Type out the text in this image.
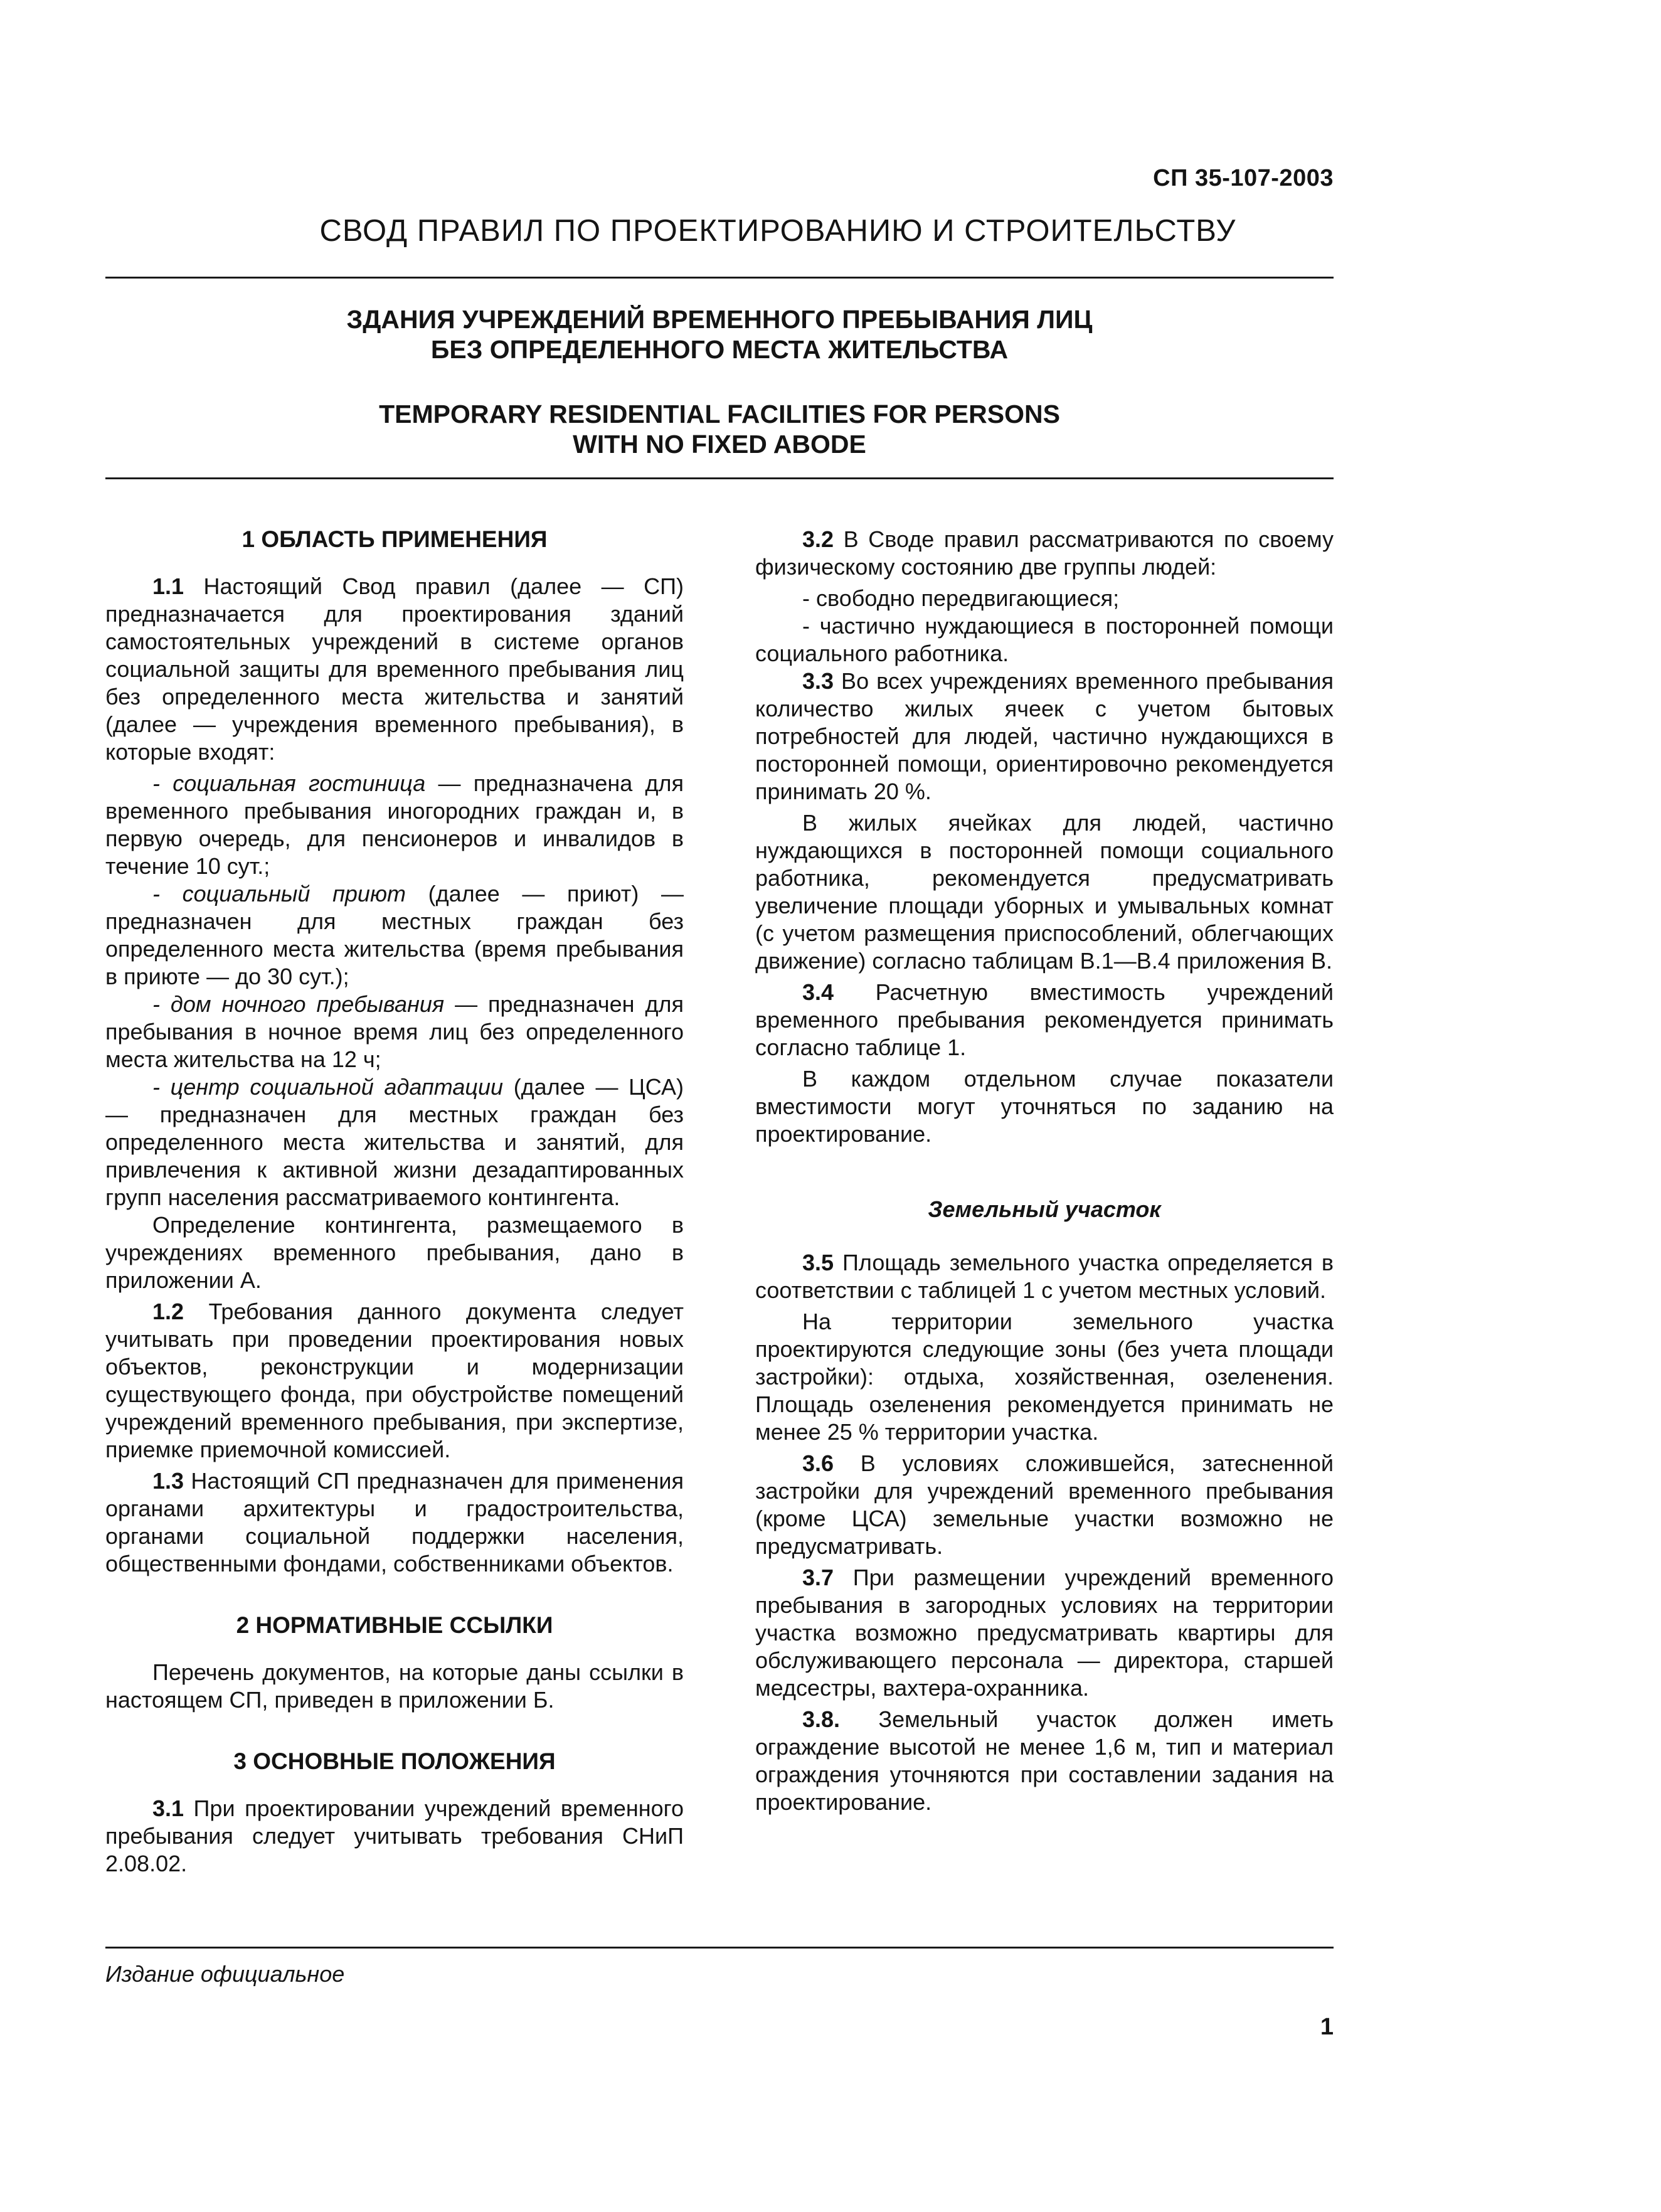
СП 35-107-2003
СВОД ПРАВИЛ ПО ПРОЕКТИРОВАНИЮ И СТРОИТЕЛЬСТВУ

ЗДАНИЯ УЧРЕЖДЕНИЙ ВРЕМЕННОГО ПРЕБЫВАНИЯ ЛИЦ
БЕЗ ОПРЕДЕЛЕННОГО МЕСТА ЖИТЕЛЬСТВА

TEMPORARY RESIDENTIAL FACILITIES FOR PERSONS
WITH NO FIXED ABODE

1 ОБЛАСТЬ ПРИМЕНЕНИЯ

1.1 Настоящий Свод правил (далее — СП) предназначается для проектирования зданий самостоятельных учреждений в системе органов социальной защиты для временного пребывания лиц без определенного места жительства и занятий (далее — учреждения временного пребывания), в которые входят:

- социальная гостиница — предназначена для временного пребывания иногородних граждан и, в первую очередь, для пенсионеров и инвалидов в течение 10 сут.;

- социальный приют (далее — приют) — предназначен для местных граждан без определенного места жительства (время пребывания в приюте — до 30 сут.);

- дом ночного пребывания — предназначен для пребывания в ночное время лиц без определенного места жительства на 12 ч;

- центр социальной адаптации (далее — ЦСА) — предназначен для местных граждан без определенного места жительства и занятий, для привлечения к активной жизни дезадаптированных групп населения рассматриваемого контингента.

Определение контингента, размещаемого в учреждениях временного пребывания, дано в приложении А.

1.2 Требования данного документа следует учитывать при проведении проектирования новых объектов, реконструкции и модернизации существующего фонда, при обустройстве помещений учреждений временного пребывания, при экспертизе, приемке приемочной комиссией.

1.3 Настоящий СП предназначен для применения органами архитектуры и градостроительства, органами социальной поддержки населения, общественными фондами, собственниками объектов.

2 НОРМАТИВНЫЕ ССЫЛКИ

Перечень документов, на которые даны ссылки в настоящем СП, приведен в приложении Б.

3 ОСНОВНЫЕ ПОЛОЖЕНИЯ

3.1 При проектировании учреждений временного пребывания следует учитывать требования СНиП 2.08.02.

3.2 В Своде правил рассматриваются по своему физическому состоянию две группы людей:

- свободно передвигающиеся;

- частично нуждающиеся в посторонней помощи социального работника.

3.3 Во всех учреждениях временного пребывания количество жилых ячеек с учетом бытовых потребностей для людей, частично нуждающихся в посторонней помощи, ориентировочно рекомендуется принимать 20 %.

В жилых ячейках для людей, частично нуждающихся в посторонней помощи социального работника, рекомендуется предусматривать увеличение площади уборных и умывальных комнат (с учетом размещения приспособлений, облегчающих движение) согласно таблицам В.1—В.4 приложения В.

3.4 Расчетную вместимость учреждений временного пребывания рекомендуется принимать согласно таблице 1.

В каждом отдельном случае показатели вместимости могут уточняться по заданию на проектирование.

Земельный участок

3.5 Площадь земельного участка определяется в соответствии с таблицей 1 с учетом местных условий.

На территории земельного участка проектируются следующие зоны (без учета площади застройки): отдыха, хозяйственная, озеленения. Площадь озеленения рекомендуется принимать не менее 25 % территории участка.

3.6 В условиях сложившейся, затесненной застройки для учреждений временного пребывания (кроме ЦСА) земельные участки возможно не предусматривать.

3.7 При размещении учреждений временного пребывания в загородных условиях на территории участка возможно предусматривать квартиры для обслуживающего персонала — директора, старшей медсестры, вахтера-охранника.

3.8. Земельный участок должен иметь ограждение высотой не менее 1,6 м, тип и материал ограждения уточняются при составлении задания на проектирование.

Издание официальное
1
